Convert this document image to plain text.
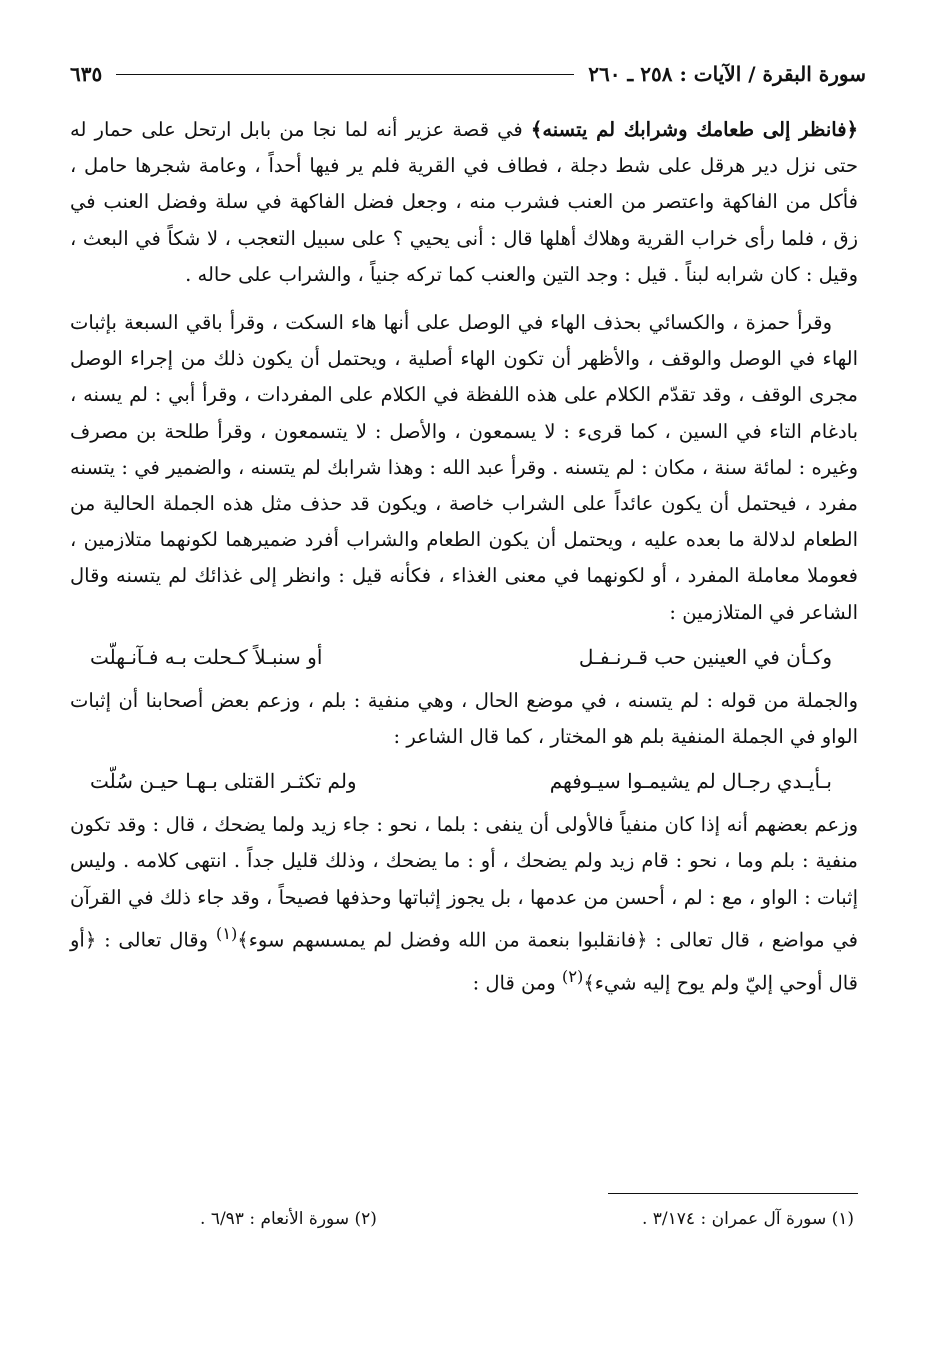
سورة البقرة / الآيات : ٢٥٨ ـ ٢٦٠
٦٣٥

﴿فانظر إلى طعامك وشرابك لم يتسنه﴾ في قصة عزير أنه لما نجا من بابل ارتحل على حمار له حتى نزل دير هرقل على شط دجلة ، فطاف في القرية فلم ير فيها أحداً ، وعامة شجرها حامل ، فأكل من الفاكهة واعتصر من العنب فشرب منه ، وجعل فضل الفاكهة في سلة وفضل العنب في زق ، فلما رأى خراب القرية وهلاك أهلها قال : أنى يحيي ؟ على سبيل التعجب ، لا شكاً في البعث ، وقيل : كان شرابه لبناً . قيل : وجد التين والعنب كما تركه جنياً ، والشراب على حاله .

وقرأ حمزة ، والكسائي بحذف الهاء في الوصل على أنها هاء السكت ، وقرأ باقي السبعة بإثبات الهاء في الوصل والوقف ، والأظهر أن تكون الهاء أصلية ، ويحتمل أن يكون ذلك من إجراء الوصل مجرى الوقف ، وقد تقدّم الكلام على هذه اللفظة في الكلام على المفردات ، وقرأ أبي : لم يسنه ، بادغام التاء في السين ، كما قرىء : لا يسمعون ، والأصل : لا يتسمعون ، وقرأ طلحة بن مصرف وغيره : لمائة سنة ، مكان : لم يتسنه . وقرأ عبد الله : وهذا شرابك لم يتسنه ، والضمير في : يتسنه مفرد ، فيحتمل أن يكون عائداً على الشراب خاصة ، ويكون قد حذف مثل هذه الجملة الحالية من الطعام لدلالة ما بعده عليه ، ويحتمل أن يكون الطعام والشراب أفرد ضميرهما لكونهما متلازمين ، فعوملا معاملة المفرد ، أو لكونهما في معنى الغذاء ، فكأنه قيل : وانظر إلى غذائك لم يتسنه وقال الشاعر في المتلازمين :

وكـأن في العينين حب قـرنـفـل
أو سنبـلاً كـحلت بـه فـآنـهلّت

والجملة من قوله : لم يتسنه ، في موضع الحال ، وهي منفية : بلم ، وزعم بعض أصحابنا أن إثبات الواو في الجملة المنفية بلم هو المختار ، كما قال الشاعر :

بـأيـدي رجـال لم يشيمـوا سيـوفهم
ولم تكثـر القتلى بـهـا حيـن سُلّت

وزعم بعضهم أنه إذا كان منفياً فالأولى أن ينفى : بلما ، نحو : جاء زيد ولما يضحك ، قال : وقد تكون منفية : بلم وما ، نحو : قام زيد ولم يضحك ، أو : ما يضحك ، وذلك قليل جداً . انتهى كلامه . وليس إثبات : الواو ، مع : لم ، أحسن من عدمها ، بل يجوز إثباتها وحذفها فصيحاً ، وقد جاء ذلك في القرآن في مواضع ، قال تعالى : ﴿فانقلبوا بنعمة من الله وفضل لم يمسسهم سوء﴾$^{(١)}$ وقال تعالى : ﴿أو قال أوحي إليّ ولم يوح إليه شيء﴾$^{(٢)}$ ومن قال :

(١) سورة آل عمران : ٣/١٧٤ .
(٢) سورة الأنعام : ٦/٩٣ .
